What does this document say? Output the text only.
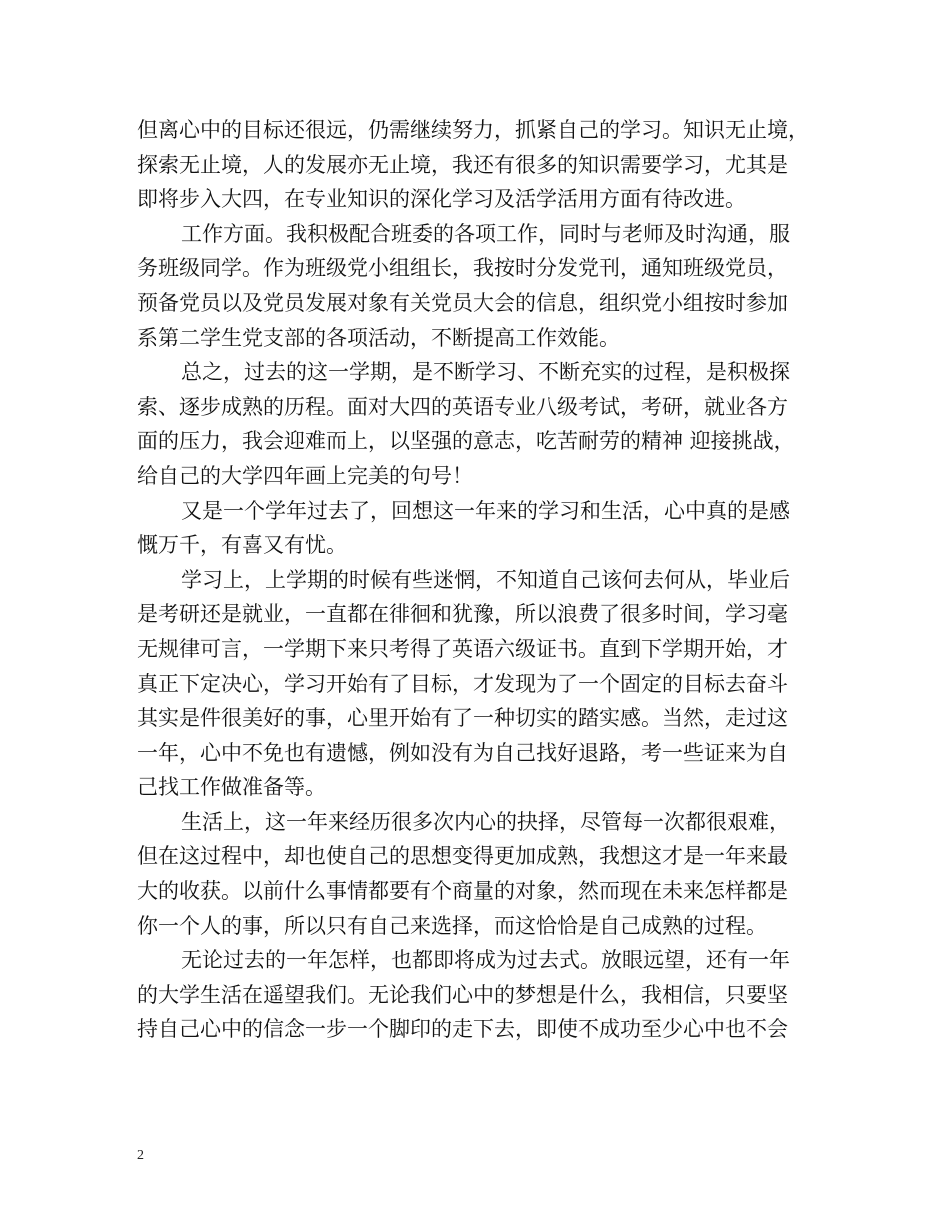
但离心中的目标还很远，仍需继续努力，抓紧自己的学习。知识无止境，
探索无止境，人的发展亦无止境，我还有很多的知识需要学习，尤其是
即将步入大四，在专业知识的深化学习及活学活用方面有待改进。
工作方面。我积极配合班委的各项工作，同时与老师及时沟通，服
务班级同学。作为班级党小组组长，我按时分发党刊，通知班级党员，
预备党员以及党员发展对象有关党员大会的信息，组织党小组按时参加
系第二学生党支部的各项活动，不断提高工作效能。
总之，过去的这一学期，是不断学习、不断充实的过程，是积极探
索、逐步成熟的历程。面对大四的英语专业八级考试，考研，就业各方
面的压力，我会迎难而上，以坚强的意志，吃苦耐劳的精神 迎接挑战，
给自己的大学四年画上完美的句号！
又是一个学年过去了，回想这一年来的学习和生活，心中真的是感
慨万千，有喜又有忧。
学习上，上学期的时候有些迷惘，不知道自己该何去何从，毕业后
是考研还是就业，一直都在徘徊和犹豫，所以浪费了很多时间，学习毫
无规律可言，一学期下来只考得了英语六级证书。直到下学期开始，才
真正下定决心，学习开始有了目标，才发现为了一个固定的目标去奋斗
其实是件很美好的事，心里开始有了一种切实的踏实感。当然，走过这
一年，心中不免也有遗憾，例如没有为自己找好退路，考一些证来为自
己找工作做准备等。
生活上，这一年来经历很多次内心的抉择，尽管每一次都很艰难，
但在这过程中，却也使自己的思想变得更加成熟，我想这才是一年来最
大的收获。以前什么事情都要有个商量的对象，然而现在未来怎样都是
你一个人的事，所以只有自己来选择，而这恰恰是自己成熟的过程。
无论过去的一年怎样，也都即将成为过去式。放眼远望，还有一年
的大学生活在遥望我们。无论我们心中的梦想是什么，我相信，只要坚
持自己心中的信念一步一个脚印的走下去，即使不成功至少心中也不会
2
